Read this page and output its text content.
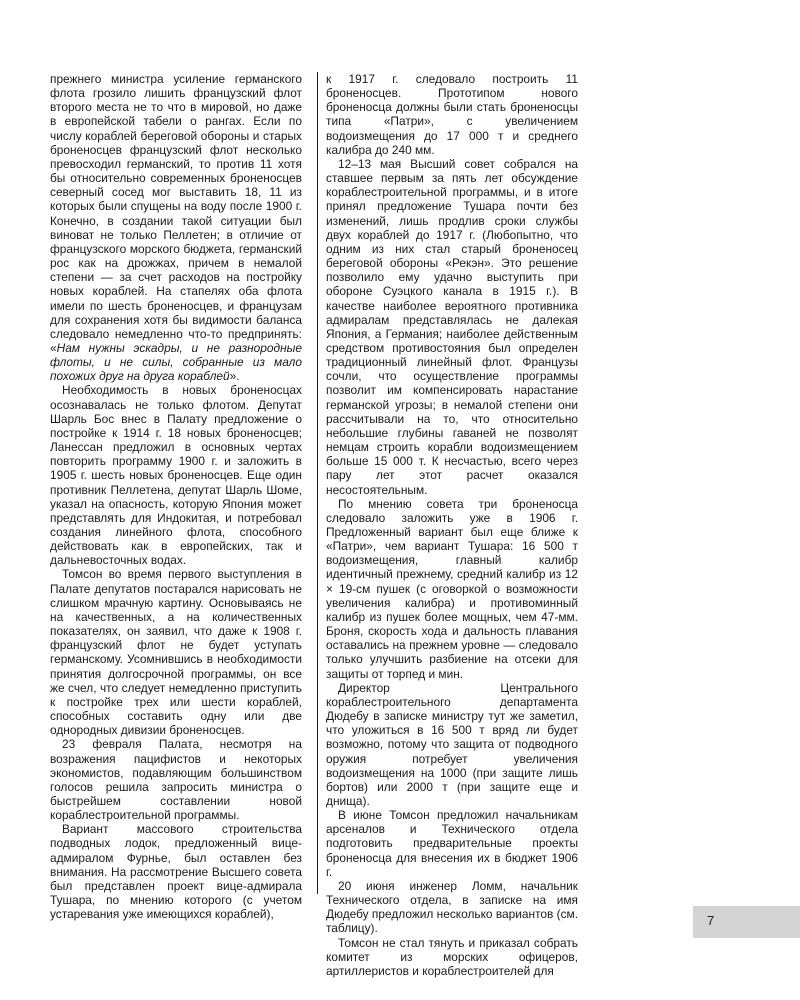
прежнего министра усиление германского флота грозило лишить французский флот второго места не то что в мировой, но даже в европейской табели о рангах. Если по числу кораблей береговой обороны и старых броненосцев французский флот несколько превосходил германский, то против 11 хотя бы относительно современных броненосцев северный сосед мог выставить 18, 11 из которых были спущены на воду после 1900 г. Конечно, в создании такой ситуации был виноват не только Пеллетен; в отличие от французского морского бюджета, германский рос как на дрожжах, причем в немалой степени — за счет расходов на постройку новых кораблей. На стапелях оба флота имели по шесть броненосцев, и французам для сохранения хотя бы видимости баланса следовало немедленно что-то предпринять: «Нам нужны эскадры, и не разнородные флоты, и не силы, собранные из мало похожих друг на друга кораблей».

Необходимость в новых броненосцах осознавалась не только флотом. Депутат Шарль Бос внес в Палату предложение о постройке к 1914 г. 18 новых броненосцев; Ланессан предложил в основных чертах повторить программу 1900 г. и заложить в 1905 г. шесть новых броненосцев. Еще один противник Пеллетена, депутат Шарль Шоме, указал на опасность, которую Япония может представлять для Индокитая, и потребовал создания линейного флота, способного действовать как в европейских, так и дальневосточных водах.

Томсон во время первого выступления в Палате депутатов постарался нарисовать не слишком мрачную картину. Основываясь не на качественных, а на количественных показателях, он заявил, что даже к 1908 г. французский флот не будет уступать германскому. Усомнившись в необходимости принятия долгосрочной программы, он все же счел, что следует немедленно приступить к постройке трех или шести кораблей, способных составить одну или две однородных дивизии броненосцев.

23 февраля Палата, несмотря на возражения пацифистов и некоторых экономистов, подавляющим большинством голосов решила запросить министра о быстрейшем составлении новой кораблестроительной программы.

Вариант массового строительства подводных лодок, предложенный вице-адмиралом Фурнье, был оставлен без внимания. На рассмотрение Высшего совета был представлен проект вице-адмирала Тушара, по мнению которого (с учетом устаревания уже имеющихся кораблей),

к 1917 г. следовало построить 11 броненосцев. Прототипом нового броненосца должны были стать броненосцы типа «Патри», с увеличением водоизмещения до 17 000 т и среднего калибра до 240 мм.

12–13 мая Высший совет собрался на ставшее первым за пять лет обсуждение кораблестроительной программы, и в итоге принял предложение Тушара почти без изменений, лишь продлив сроки службы двух кораблей до 1917 г. (Любопытно, что одним из них стал старый броненосец береговой обороны «Рекэн». Это решение позволило ему удачно выступить при обороне Суэцкого канала в 1915 г.). В качестве наиболее вероятного противника адмиралам представлялась не далекая Япония, а Германия; наиболее действенным средством противостояния был определен традиционный линейный флот. Французы сочли, что осуществление программы позволит им компенсировать нарастание германской угрозы; в немалой степени они рассчитывали на то, что относительно небольшие глубины гаваней не позволят немцам строить корабли водоизмещением больше 15 000 т. К несчастью, всего через пару лет этот расчет оказался несостоятельным.

По мнению совета три броненосца следовало заложить уже в 1906 г. Предложенный вариант был еще ближе к «Патри», чем вариант Тушара: 16 500 т водоизмещения, главный калибр идентичный прежнему, средний калибр из 12 × 19-см пушек (с оговоркой о возможности увеличения калибра) и противоминный калибр из пушек более мощных, чем 47-мм. Броня, скорость хода и дальность плавания оставались на прежнем уровне — следовало только улучшить разбиение на отсеки для защиты от торпед и мин.

Директор Центрального кораблестроительного департамента Дюдебу в записке министру тут же заметил, что уложиться в 16 500 т вряд ли будет возможно, потому что защита от подводного оружия потребует увеличения водоизмещения на 1000 (при защите лишь бортов) или 2000 т (при защите еще и днища).

В июне Томсон предложил начальникам арсеналов и Технического отдела подготовить предварительные проекты броненосца для внесения их в бюджет 1906 г.

20 июня инженер Ломм, начальник Технического отдела, в записке на имя Дюдебу предложил несколько вариантов (см. таблицу).

Томсон не стал тянуть и приказал собрать комитет из морских офицеров, артиллеристов и кораблестроителей для

7
